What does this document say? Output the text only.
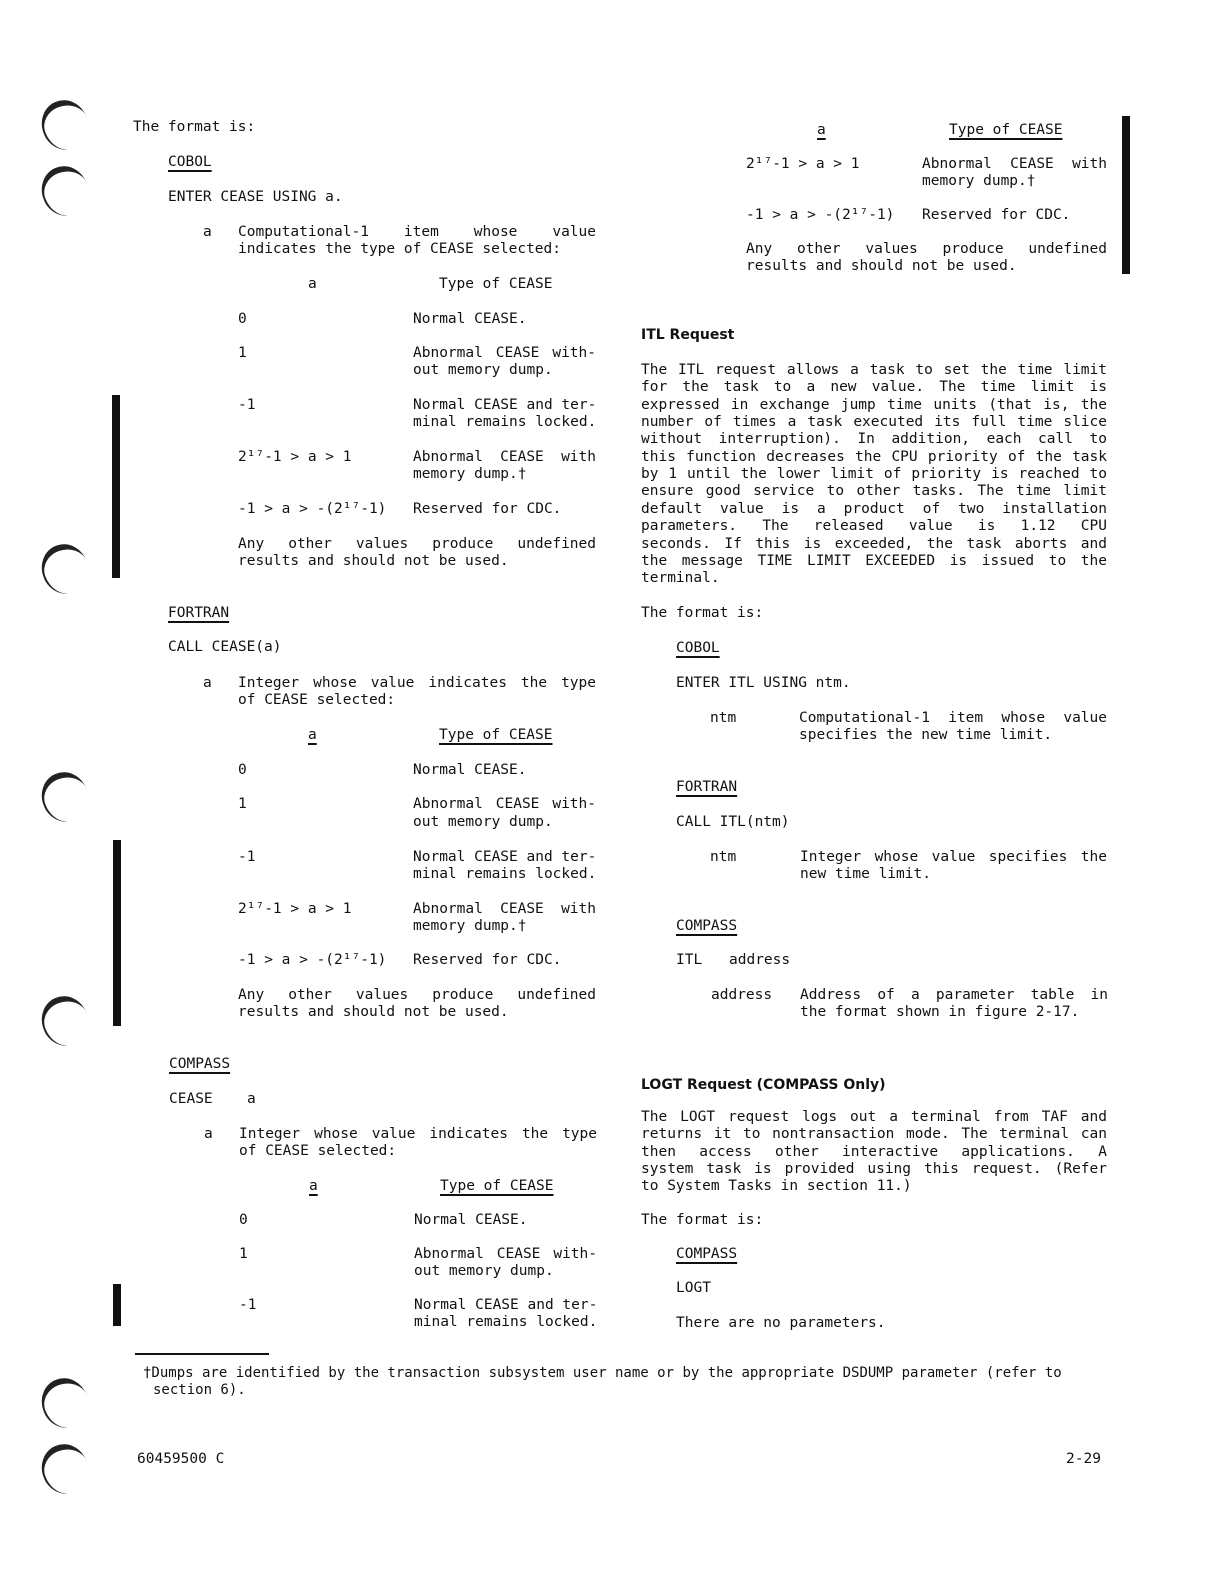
The format is:
COBOL
ENTER CEASE USING a.
a Computational-1 item whose value
indicates the type of CEASE selected:
a	Type of CEASE
0	Normal CEASE.
1	Abnormal CEASE with-
out memory dump.
-1	Normal CEASE and ter-
minal remains locked.
2¹⁷-1 > a > 1	Abnormal CEASE with
memory dump.†
-1 > a > -(2¹⁷-1) Reserved for CDC.
Any other values produce undefined
results and should not be used.
FORTRAN
CALL CEASE(a)
a Integer whose value indicates the type
of CEASE selected:
a	Type of CEASE
0	Normal CEASE.
1	Abnormal CEASE with-
out memory dump.
-1	Normal CEASE and ter-
minal remains locked.
2¹⁷-1 > a > 1	Abnormal CEASE with
memory dump.†
-1 > a > -(2¹⁷-1) Reserved for CDC.
Any other values produce undefined
results and should not be used.
COMPASS
CEASE a
a Integer whose value indicates the type
of CEASE selected:
a	Type of CEASE
0	Normal CEASE.
1	Abnormal CEASE with-
out memory dump.
-1	Normal CEASE and ter-
minal remains locked.
a	Type of CEASE
2¹⁷-1 > a > 1	Abnormal CEASE with
memory dump.†
-1 > a > -(2¹⁷-1) Reserved for CDC.
Any other values produce undefined
results and should not be used.
ITL Request
The ITL request allows a task to set the time limit
for the task to a new value. The time limit is
expressed in exchange jump time units (that is, the
number of times a task executed its full time slice
without interruption). In addition, each call to
this function decreases the CPU priority of the task
by 1 until the lower limit of priority is reached to
ensure good service to other tasks. The time limit
default value is a product of two installation
parameters. The released value is 1.12 CPU
seconds. If this is exceeded, the task aborts and
the message TIME LIMIT EXCEEDED is issued to the
terminal.
The format is:
COBOL
ENTER ITL USING ntm.
ntm	Computational-1 item whose value
specifies the new time limit.
FORTRAN
CALL ITL(ntm)
ntm	Integer whose value specifies the
new time limit.
COMPASS
ITL address
address Address of a parameter table in
the format shown in figure 2-17.
LOGT Request (COMPASS Only)
The LOGT request logs out a terminal from TAF and
returns it to nontransaction mode. The terminal can
then access other interactive applications. A
system task is provided using this request. (Refer
to System Tasks in section 11.)
The format is:
COMPASS
LOGT
There are no parameters.
†Dumps are identified by the transaction subsystem user name or by the appropriate DSDUMP parameter (refer to
section 6).
60459500 C	2-29
